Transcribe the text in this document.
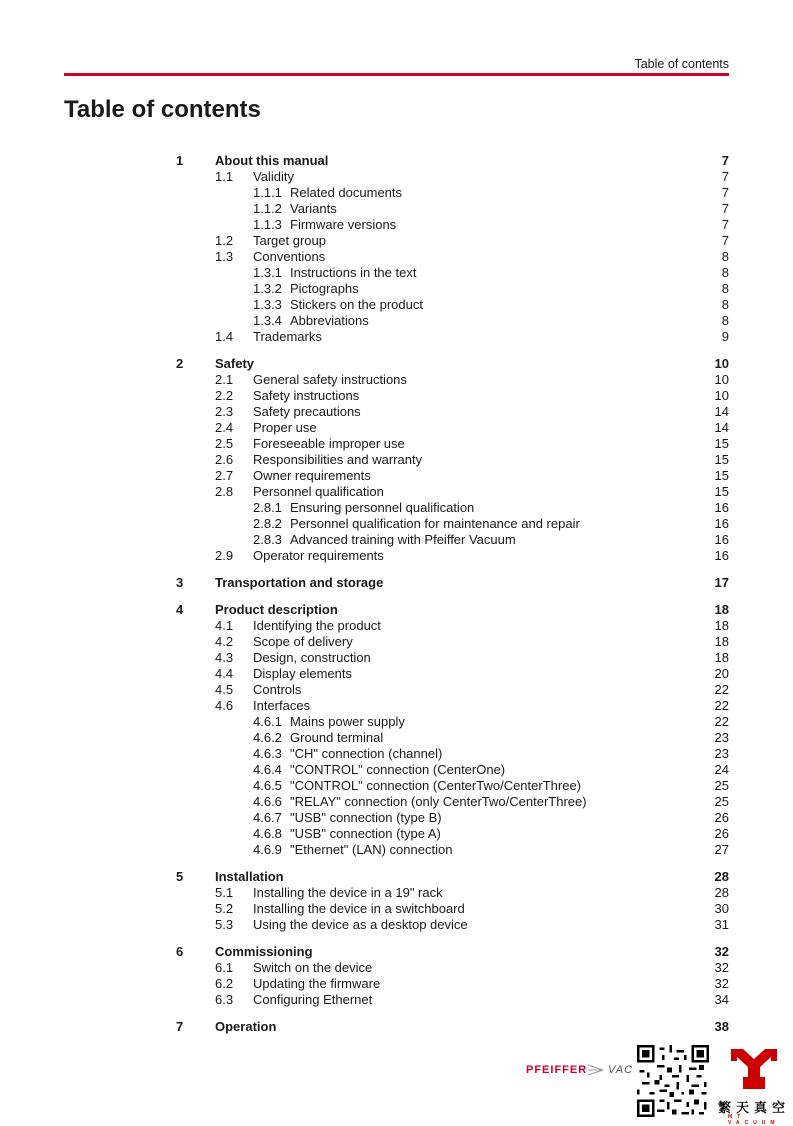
Table of contents
Table of contents
1 About this manual	7
1.1 Validity	7
1.1.1 Related documents	7
1.1.2 Variants	7
1.1.3 Firmware versions	7
1.2 Target group	7
1.3 Conventions	8
1.3.1 Instructions in the text	8
1.3.2 Pictographs	8
1.3.3 Stickers on the product	8
1.3.4 Abbreviations	8
1.4 Trademarks	9
2 Safety	10
2.1 General safety instructions	10
2.2 Safety instructions	10
2.3 Safety precautions	14
2.4 Proper use	14
2.5 Foreseeable improper use	15
2.6 Responsibilities and warranty	15
2.7 Owner requirements	15
2.8 Personnel qualification	15
2.8.1 Ensuring personnel qualification	16
2.8.2 Personnel qualification for maintenance and repair	16
2.8.3 Advanced training with Pfeiffer Vacuum	16
2.9 Operator requirements	16
3 Transportation and storage	17
4 Product description	18
4.1 Identifying the product	18
4.2 Scope of delivery	18
4.3 Design, construction	18
4.4 Display elements	20
4.5 Controls	22
4.6 Interfaces	22
4.6.1 Mains power supply	22
4.6.2 Ground terminal	23
4.6.3 "CH" connection (channel)	23
4.6.4 "CONTROL" connection (CenterOne)	24
4.6.5 "CONTROL" connection (CenterTwo/CenterThree)	25
4.6.6 "RELAY" connection (only CenterTwo/CenterThree)	25
4.6.7 "USB" connection (type B)	26
4.6.8 "USB" connection (type A)	26
4.6.9 "Ethernet" (LAN) connection	27
5 Installation	28
5.1 Installing the device in a 19" rack	28
5.2 Installing the device in a switchboard	30
5.3 Using the device as a desktop device	31
6 Commissioning	32
6.1 Switch on the device	32
6.2 Updating the firmware	32
6.3 Configuring Ethernet	34
7 Operation	38
PFEIFFER VAC
繁天真空
MT VACUUM
